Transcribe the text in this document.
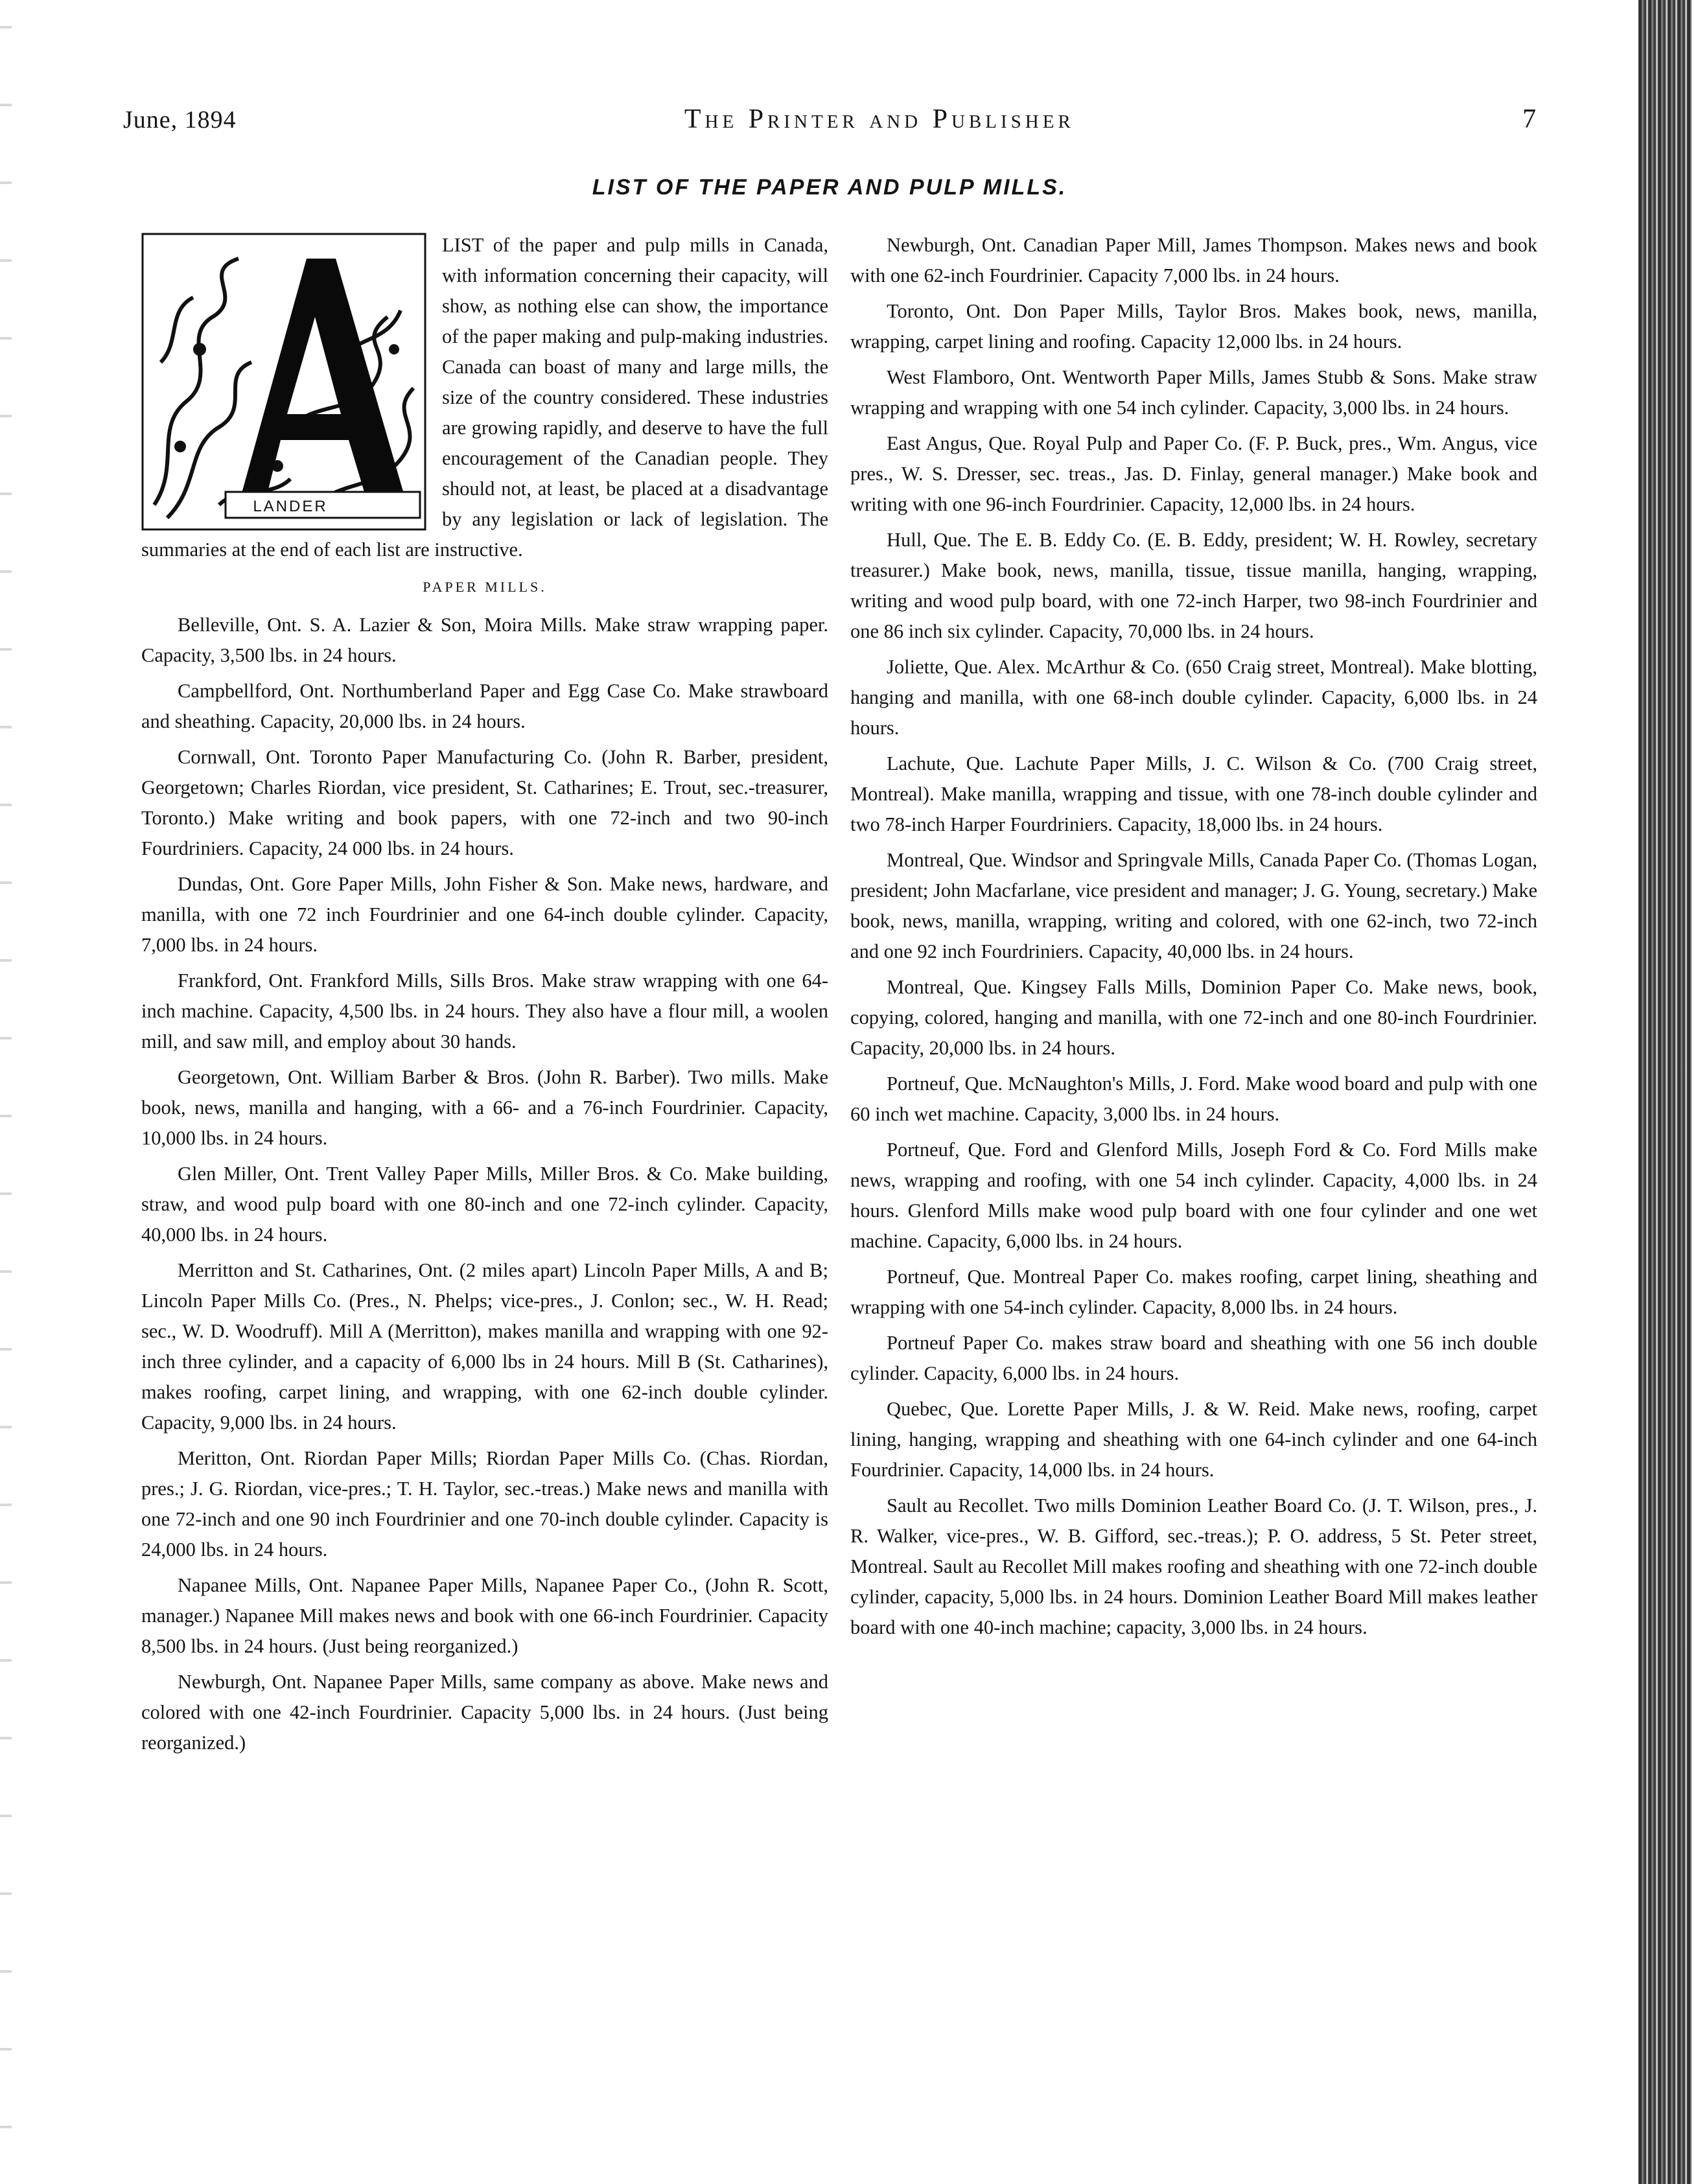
June, 1894	The Printer and Publisher	7
LIST OF THE PAPER AND PULP MILLS.
LANDER

LIST of the paper and pulp mills in Canada, with information concerning their capacity, will show, as nothing else can show, the importance of the paper making and pulp-making industries. Canada can boast of many and large mills, the size of the country considered. These industries are growing rapidly, and deserve to have the full encouragement of the Canadian people. They should not, at least, be placed at a disadvantage by any legislation or lack of legislation. The summaries at the end of each list are instructive.

PAPER MILLS.

Belleville, Ont. S. A. Lazier & Son, Moira Mills. Make straw wrapping paper. Capacity, 3,500 lbs. in 24 hours.

Campbellford, Ont. Northumberland Paper and Egg Case Co. Make strawboard and sheathing. Capacity, 20,000 lbs. in 24 hours.

Cornwall, Ont. Toronto Paper Manufacturing Co. (John R. Barber, president, Georgetown; Charles Riordan, vice president, St. Catharines; E. Trout, sec.-treasurer, Toronto.) Make writing and book papers, with one 72-inch and two 90-inch Fourdriniers. Capacity, 24 000 lbs. in 24 hours.

Dundas, Ont. Gore Paper Mills, John Fisher & Son. Make news, hardware, and manilla, with one 72 inch Fourdrinier and one 64-inch double cylinder. Capacity, 7,000 lbs. in 24 hours.

Frankford, Ont. Frankford Mills, Sills Bros. Make straw wrapping with one 64-inch machine. Capacity, 4,500 lbs. in 24 hours. They also have a flour mill, a woolen mill, and saw mill, and employ about 30 hands.

Georgetown, Ont. William Barber & Bros. (John R. Barber). Two mills. Make book, news, manilla and hanging, with a 66- and a 76-inch Fourdrinier. Capacity, 10,000 lbs. in 24 hours.

Glen Miller, Ont. Trent Valley Paper Mills, Miller Bros. & Co. Make building, straw, and wood pulp board with one 80-inch and one 72-inch cylinder. Capacity, 40,000 lbs. in 24 hours.

Merritton and St. Catharines, Ont. (2 miles apart) Lincoln Paper Mills, A and B; Lincoln Paper Mills Co. (Pres., N. Phelps; vice-pres., J. Conlon; sec., W. H. Read; sec., W. D. Woodruff). Mill A (Merritton), makes manilla and wrapping with one 92-inch three cylinder, and a capacity of 6,000 lbs in 24 hours. Mill B (St. Catharines), makes roofing, carpet lining, and wrapping, with one 62-inch double cylinder. Capacity, 9,000 lbs. in 24 hours.

Meritton, Ont. Riordan Paper Mills; Riordan Paper Mills Co. (Chas. Riordan, pres.; J. G. Riordan, vice-pres.; T. H. Taylor, sec.-treas.) Make news and manilla with one 72-inch and one 90 inch Fourdrinier and one 70-inch double cylinder. Capacity is 24,000 lbs. in 24 hours.

Napanee Mills, Ont. Napanee Paper Mills, Napanee Paper Co., (John R. Scott, manager.) Napanee Mill makes news and book with one 66-inch Fourdrinier. Capacity 8,500 lbs. in 24 hours. (Just being reorganized.)

Newburgh, Ont. Napanee Paper Mills, same company as above. Make news and colored with one 42-inch Fourdrinier. Capacity 5,000 lbs. in 24 hours. (Just being reorganized.)

Newburgh, Ont. Canadian Paper Mill, James Thompson. Makes news and book with one 62-inch Fourdrinier. Capacity 7,000 lbs. in 24 hours.

Toronto, Ont. Don Paper Mills, Taylor Bros. Makes book, news, manilla, wrapping, carpet lining and roofing. Capacity 12,000 lbs. in 24 hours.

West Flamboro, Ont. Wentworth Paper Mills, James Stubb & Sons. Make straw wrapping and wrapping with one 54 inch cylinder. Capacity, 3,000 lbs. in 24 hours.

East Angus, Que. Royal Pulp and Paper Co. (F. P. Buck, pres., Wm. Angus, vice pres., W. S. Dresser, sec. treas., Jas. D. Finlay, general manager.) Make book and writing with one 96-inch Fourdrinier. Capacity, 12,000 lbs. in 24 hours.

Hull, Que. The E. B. Eddy Co. (E. B. Eddy, president; W. H. Rowley, secretary treasurer.) Make book, news, manilla, tissue, tissue manilla, hanging, wrapping, writing and wood pulp board, with one 72-inch Harper, two 98-inch Fourdrinier and one 86 inch six cylinder. Capacity, 70,000 lbs. in 24 hours.

Joliette, Que. Alex. McArthur & Co. (650 Craig street, Montreal). Make blotting, hanging and manilla, with one 68-inch double cylinder. Capacity, 6,000 lbs. in 24 hours.

Lachute, Que. Lachute Paper Mills, J. C. Wilson & Co. (700 Craig street, Montreal). Make manilla, wrapping and tissue, with one 78-inch double cylinder and two 78-inch Harper Fourdriniers. Capacity, 18,000 lbs. in 24 hours.

Montreal, Que. Windsor and Springvale Mills, Canada Paper Co. (Thomas Logan, president; John Macfarlane, vice president and manager; J. G. Young, secretary.) Make book, news, manilla, wrapping, writing and colored, with one 62-inch, two 72-inch and one 92 inch Fourdriniers. Capacity, 40,000 lbs. in 24 hours.

Montreal, Que. Kingsey Falls Mills, Dominion Paper Co. Make news, book, copying, colored, hanging and manilla, with one 72-inch and one 80-inch Fourdrinier. Capacity, 20,000 lbs. in 24 hours.

Portneuf, Que. McNaughton's Mills, J. Ford. Make wood board and pulp with one 60 inch wet machine. Capacity, 3,000 lbs. in 24 hours.

Portneuf, Que. Ford and Glenford Mills, Joseph Ford & Co. Ford Mills make news, wrapping and roofing, with one 54 inch cylinder. Capacity, 4,000 lbs. in 24 hours. Glenford Mills make wood pulp board with one four cylinder and one wet machine. Capacity, 6,000 lbs. in 24 hours.

Portneuf, Que. Montreal Paper Co. makes roofing, carpet lining, sheathing and wrapping with one 54-inch cylinder. Capacity, 8,000 lbs. in 24 hours.

Portneuf Paper Co. makes straw board and sheathing with one 56 inch double cylinder. Capacity, 6,000 lbs. in 24 hours.

Quebec, Que. Lorette Paper Mills, J. & W. Reid. Make news, roofing, carpet lining, hanging, wrapping and sheathing with one 64-inch cylinder and one 64-inch Fourdrinier. Capacity, 14,000 lbs. in 24 hours.

Sault au Recollet. Two mills Dominion Leather Board Co. (J. T. Wilson, pres., J. R. Walker, vice-pres., W. B. Gifford, sec.-treas.); P. O. address, 5 St. Peter street, Montreal. Sault au Recollet Mill makes roofing and sheathing with one 72-inch double cylinder, capacity, 5,000 lbs. in 24 hours. Dominion Leather Board Mill makes leather board with one 40-inch machine; capacity, 3,000 lbs. in 24 hours.
